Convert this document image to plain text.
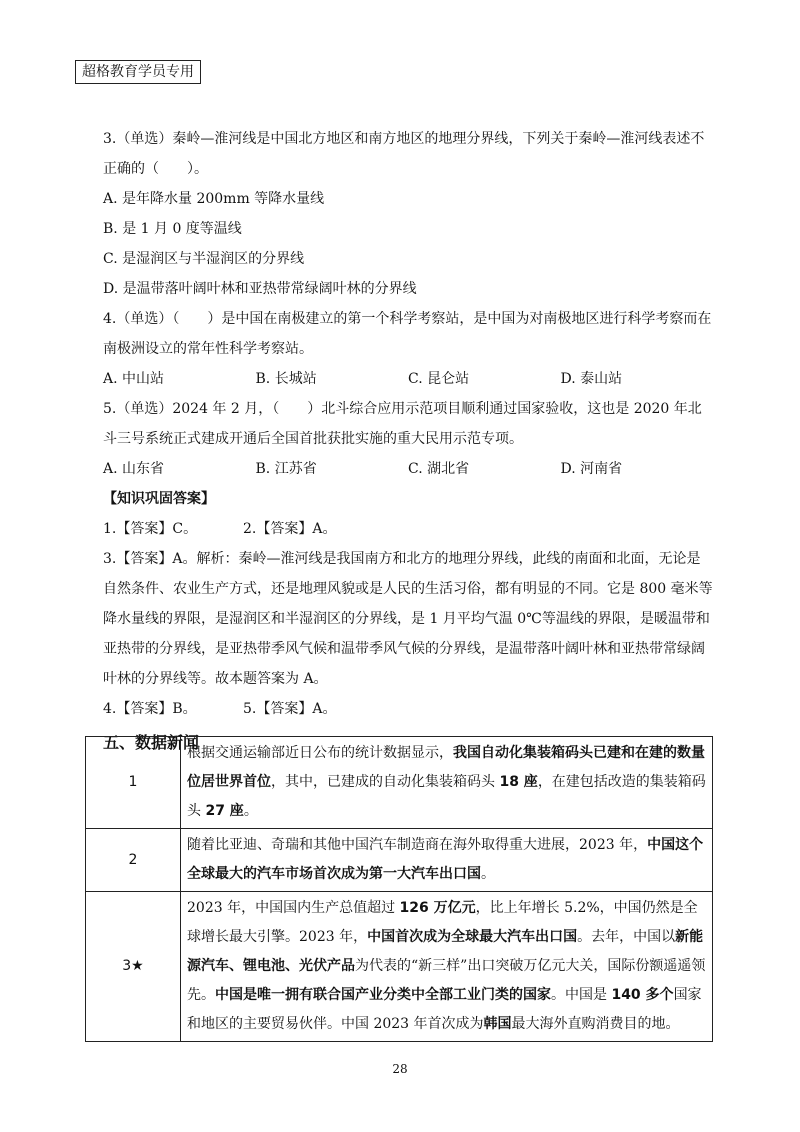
超格教育学员专用

3.（单选）秦岭—淮河线是中国北方地区和南方地区的地理分界线，下列关于秦岭—淮河线表述不正确的（　　）。

A. 是年降水量 200mm 等降水量线

B. 是 1 月 0 度等温线

C. 是湿润区与半湿润区的分界线

D. 是温带落叶阔叶林和亚热带常绿阔叶林的分界线

4.（单选）（　　）是中国在南极建立的第一个科学考察站，是中国为对南极地区进行科学考察而在南极洲设立的常年性科学考察站。

A. 中山站	B. 长城站	C. 昆仑站	D. 泰山站

5.（单选）2024 年 2 月，（　　）北斗综合应用示范项目顺利通过国家验收，这也是 2020 年北斗三号系统正式建成开通后全国首批获批实施的重大民用示范专项。

A. 山东省	B. 江苏省	C. 湖北省	D. 河南省

【知识巩固答案】

1.【答案】C。	2.【答案】A。

3.【答案】A。解析：秦岭—淮河线是我国南方和北方的地理分界线，此线的南面和北面，无论是自然条件、农业生产方式，还是地理风貌或是人民的生活习俗，都有明显的不同。它是 800 毫米等降水量线的界限，是湿润区和半湿润区的分界线，是 1 月平均气温 0℃等温线的界限，是暖温带和亚热带的分界线，是亚热带季风气候和温带季风气候的分界线，是温带落叶阔叶林和亚热带常绿阔叶林的分界线等。故本题答案为 A。

4.【答案】B。	5.【答案】A。

五、数据新闻

1	根据交通运输部近日公布的统计数据显示，我国自动化集装箱码头已建和在建的数量位居世界首位，其中，已建成的自动化集装箱码头 18 座，在建包括改造的集装箱码头 27 座。
2	随着比亚迪、奇瑞和其他中国汽车制造商在海外取得重大进展，2023 年，中国这个全球最大的汽车市场首次成为第一大汽车出口国。
3★	2023 年，中国国内生产总值超过 126 万亿元，比上年增长 5.2%，中国仍然是全球增长最大引擎。2023 年，中国首次成为全球最大汽车出口国。去年，中国以新能源汽车、锂电池、光伏产品为代表的“新三样”出口突破万亿元大关，国际份额遥遥领先。中国是唯一拥有联合国产业分类中全部工业门类的国家。中国是 140 多个国家和地区的主要贸易伙伴。中国 2023 年首次成为韩国最大海外直购消费目的地。
28
